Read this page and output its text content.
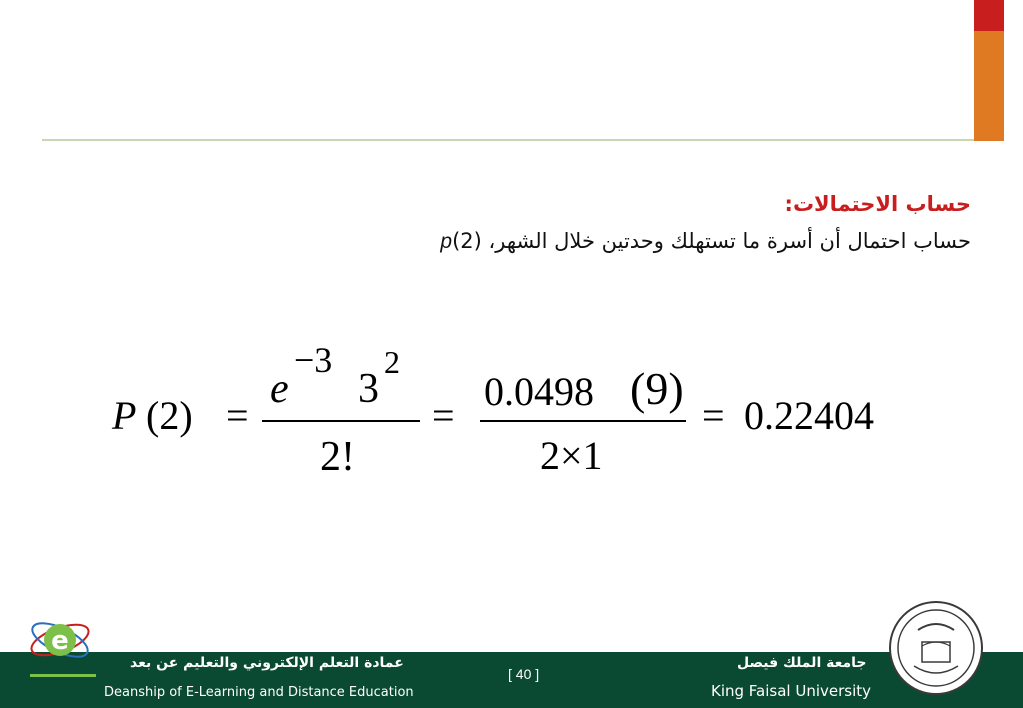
حساب الاحتمالات:
حساب احتمال أن أسرة ما تستهلك وحدتين خلال الشهر، p(2)
P (2) =
e
−3
3
2
2!
=
0.0498 (9)
2×1
= 0.22404
عمادة التعلم الإلكتروني والتعليم عن بعد
Deanship of E-Learning and Distance Education
[ 40 ]
جامعة الملك فيصل
King Faisal University
e
